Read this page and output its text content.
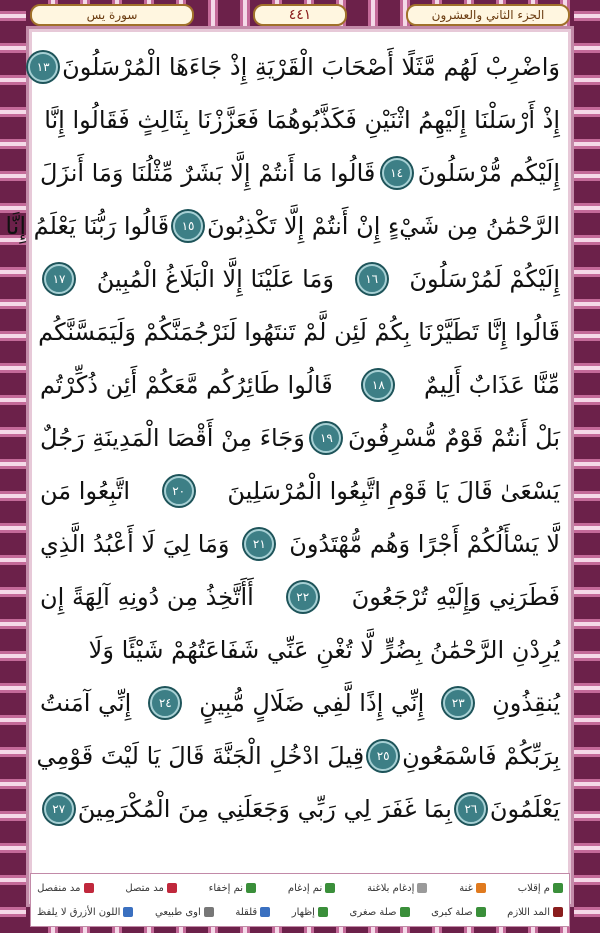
سورة يس	٤٤١	الجزء الثاني والعشرون
وَاضْرِبْ لَهُم مَّثَلًا أَصْحَابَ الْقَرْيَةِ إِذْ جَاءَهَا الْمُرْسَلُونَ
١٣
إِذْ أَرْسَلْنَا إِلَيْهِمُ اثْنَيْنِ فَكَذَّبُوهُمَا فَعَزَّزْنَا بِثَالِثٍ فَقَالُوا إِنَّا
إِلَيْكُم مُّرْسَلُونَ
١٤
قَالُوا مَا أَنتُمْ إِلَّا بَشَرٌ مِّثْلُنَا وَمَا أَنزَلَ
الرَّحْمَٰنُ مِن شَيْءٍ إِنْ أَنتُمْ إِلَّا تَكْذِبُونَ
١٥
قَالُوا رَبُّنَا يَعْلَمُ إِنَّا
إِلَيْكُمْ لَمُرْسَلُونَ
١٦
وَمَا عَلَيْنَا إِلَّا الْبَلَاغُ الْمُبِينُ
١٧
قَالُوا إِنَّا تَطَيَّرْنَا بِكُمْ لَئِن لَّمْ تَنتَهُوا لَنَرْجُمَنَّكُمْ وَلَيَمَسَّنَّكُم
مِّنَّا عَذَابٌ أَلِيمٌ
١٨
قَالُوا طَائِرُكُم مَّعَكُمْ أَئِن ذُكِّرْتُم
بَلْ أَنتُمْ قَوْمٌ مُّسْرِفُونَ
١٩
وَجَاءَ مِنْ أَقْصَا الْمَدِينَةِ رَجُلٌ
يَسْعَىٰ قَالَ يَا قَوْمِ اتَّبِعُوا الْمُرْسَلِينَ
٢٠
اتَّبِعُوا مَن
لَّا يَسْأَلُكُمْ أَجْرًا وَهُم مُّهْتَدُونَ
٢١
وَمَا لِيَ لَا أَعْبُدُ الَّذِي
فَطَرَنِي وَإِلَيْهِ تُرْجَعُونَ
٢٢
أَأَتَّخِذُ مِن دُونِهِ آلِهَةً إِن
يُرِدْنِ الرَّحْمَٰنُ بِضُرٍّ لَّا تُغْنِ عَنِّي شَفَاعَتُهُمْ شَيْئًا وَلَا
يُنقِذُونِ
٢٣
إِنِّي إِذًا لَّفِي ضَلَالٍ مُّبِينٍ
٢٤
إِنِّي آمَنتُ
بِرَبِّكُمْ فَاسْمَعُونِ
٢٥
قِيلَ ادْخُلِ الْجَنَّةَ قَالَ يَا لَيْتَ قَوْمِي
يَعْلَمُونَ
٢٦
بِمَا غَفَرَ لِي رَبِّي وَجَعَلَنِي مِنَ الْمُكْرَمِينَ
٢٧
م إقلاب
غنة
إدغام بلاغنة
نم إدغام
نم إخفاء
مد متصل
مد منفصل
المد اللازم
صلة كبرى
صلة صغرى
إظهار
قلقلة
اوى طبيعي
اللون الأزرق لا يلفظ
